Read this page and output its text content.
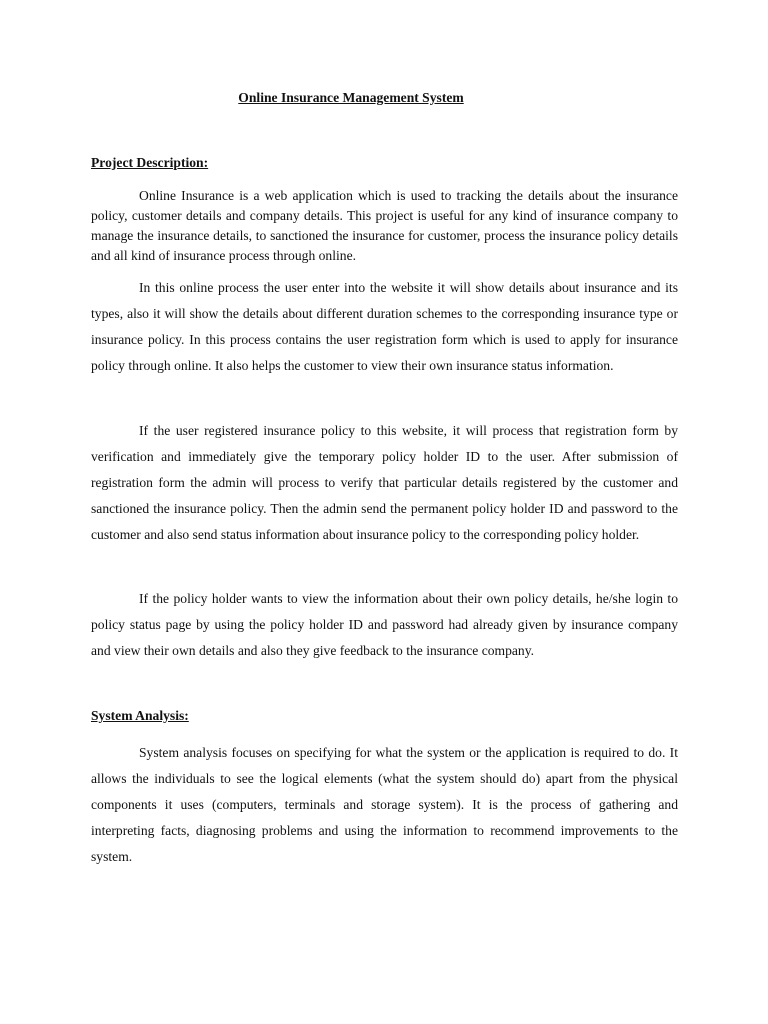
Online Insurance Management System
Project Description:

Online Insurance is a web application which is used to tracking the details about the insurance policy, customer details and company details. This project is useful for any kind of insurance company to manage the insurance details, to sanctioned the insurance for customer, process the insurance policy details and all kind of insurance process through online.

In this online process the user enter into the website it will show details about insurance and its types, also it will show the details about different duration schemes to the corresponding insurance type or insurance policy. In this process contains the user registration form which is used to apply for insurance policy through online. It also helps the customer to view their own insurance status information.

If the user registered insurance policy to this website, it will process that registration form by verification and immediately give the temporary policy holder ID to the user. After submission of registration form the admin will process to verify that particular details registered by the customer and sanctioned the insurance policy. Then the admin send the permanent policy holder ID and password to the customer and also send status information about insurance policy to the corresponding policy holder.

If the policy holder wants to view the information about their own policy details, he/she login to policy status page by using the policy holder ID and password had already given by insurance company and view their own details and also they give feedback to the insurance company.

System Analysis:

System analysis focuses on specifying for what the system or the application is required to do. It allows the individuals to see the logical elements (what the system should do) apart from the physical components it uses (computers, terminals and storage system). It is the process of gathering and interpreting facts, diagnosing problems and using the information to recommend improvements to the system.
